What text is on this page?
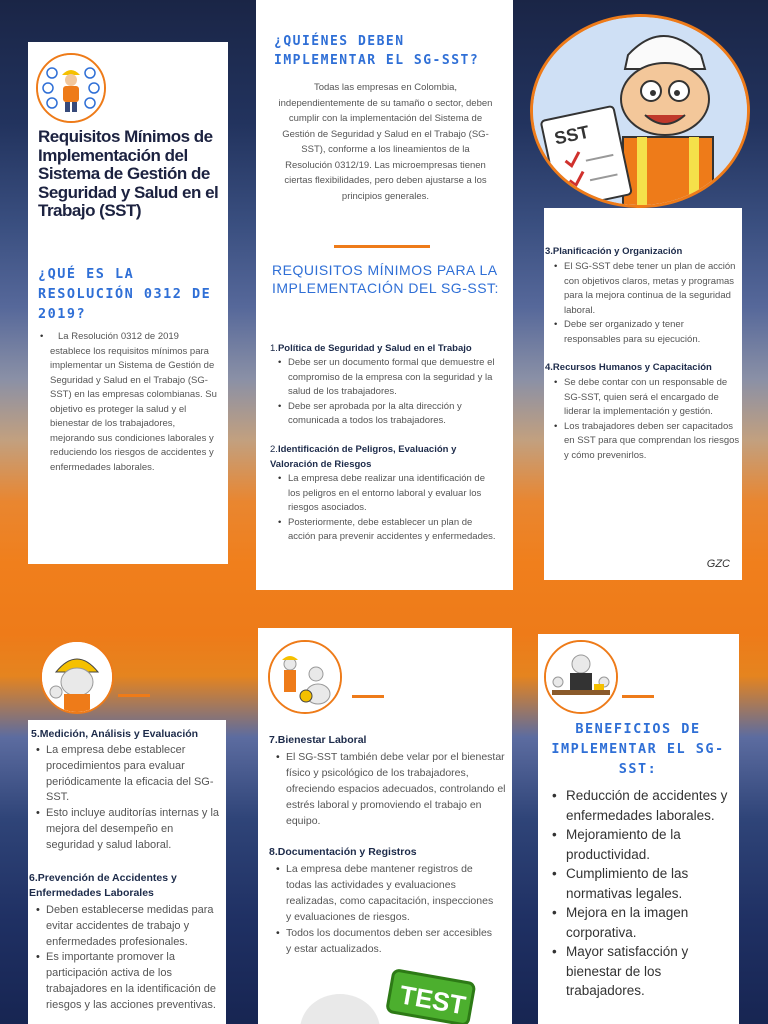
Requisitos Mínimos de Implementación del Sistema de Gestión de Seguridad y Salud en el Trabajo (SST)
¿QUÉ ES LA RESOLUCIÓN 0312 DE 2019?
• La Resolución 0312 de 2019 establece los requisitos mínimos para implementar un Sistema de Gestión de Seguridad y Salud en el Trabajo (SG-SST) en las empresas colombianas. Su objetivo es proteger la salud y el bienestar de los trabajadores, mejorando sus condiciones laborales y reduciendo los riesgos de accidentes y enfermedades laborales.
¿QUIÉNES DEBEN IMPLEMENTAR EL SG-SST?
Todas las empresas en Colombia, independientemente de su tamaño o sector, deben cumplir con la implementación del Sistema de Gestión de Seguridad y Salud en el Trabajo (SG-SST), conforme a los lineamientos de la Resolución 0312/19. Las microempresas tienen ciertas flexibilidades, pero deben ajustarse a los principios generales.
REQUISITOS MÍNIMOS PARA LA IMPLEMENTACIÓN DEL SG-SST:
1.Política de Seguridad y Salud en el Trabajo
• Debe ser un documento formal que demuestre el compromiso de la empresa con la seguridad y la salud de los trabajadores.
• Debe ser aprobada por la alta dirección y comunicada a todos los trabajadores.
2.Identificación de Peligros, Evaluación y Valoración de Riesgos
• La empresa debe realizar una identificación de los peligros en el entorno laboral y evaluar los riesgos asociados.
• Posteriormente, debe establecer un plan de acción para prevenir accidentes y enfermedades.
SST
3.Planificación y Organización
• El SG-SST debe tener un plan de acción con objetivos claros, metas y programas para la mejora continua de la seguridad laboral.
• Debe ser organizado y tener responsables para su ejecución.
4.Recursos Humanos y Capacitación
• Se debe contar con un responsable de SG-SST, quien será el encargado de liderar la implementación y gestión.
• Los trabajadores deben ser capacitados en SST para que comprendan los riesgos y cómo prevenirlos.
GZC
5.Medición, Análisis y Evaluación
• La empresa debe establecer procedimientos para evaluar periódicamente la eficacia del SG-SST.
• Esto incluye auditorías internas y la mejora del desempeño en seguridad y salud laboral.
6.Prevención de Accidentes y Enfermedades Laborales
• Deben establecerse medidas para evitar accidentes de trabajo y enfermedades profesionales.
• Es importante promover la participación activa de los trabajadores en la identificación de riesgos y las acciones preventivas.
7.Bienestar Laboral
• El SG-SST también debe velar por el bienestar físico y psicológico de los trabajadores, ofreciendo espacios adecuados, controlando el estrés laboral y promoviendo el trabajo en equipo.
8.Documentación y Registros
• La empresa debe mantener registros de todas las actividades y evaluaciones realizadas, como capacitación, inspecciones y evaluaciones de riesgos.
• Todos los documentos deben ser accesibles y estar actualizados.
TEST
BENEFICIOS DE IMPLEMENTAR EL SG-SST:
• Reducción de accidentes y enfermedades laborales.
• Mejoramiento de la productividad.
• Cumplimiento de las normativas legales.
• Mejora en la imagen corporativa.
• Mayor satisfacción y bienestar de los trabajadores.
